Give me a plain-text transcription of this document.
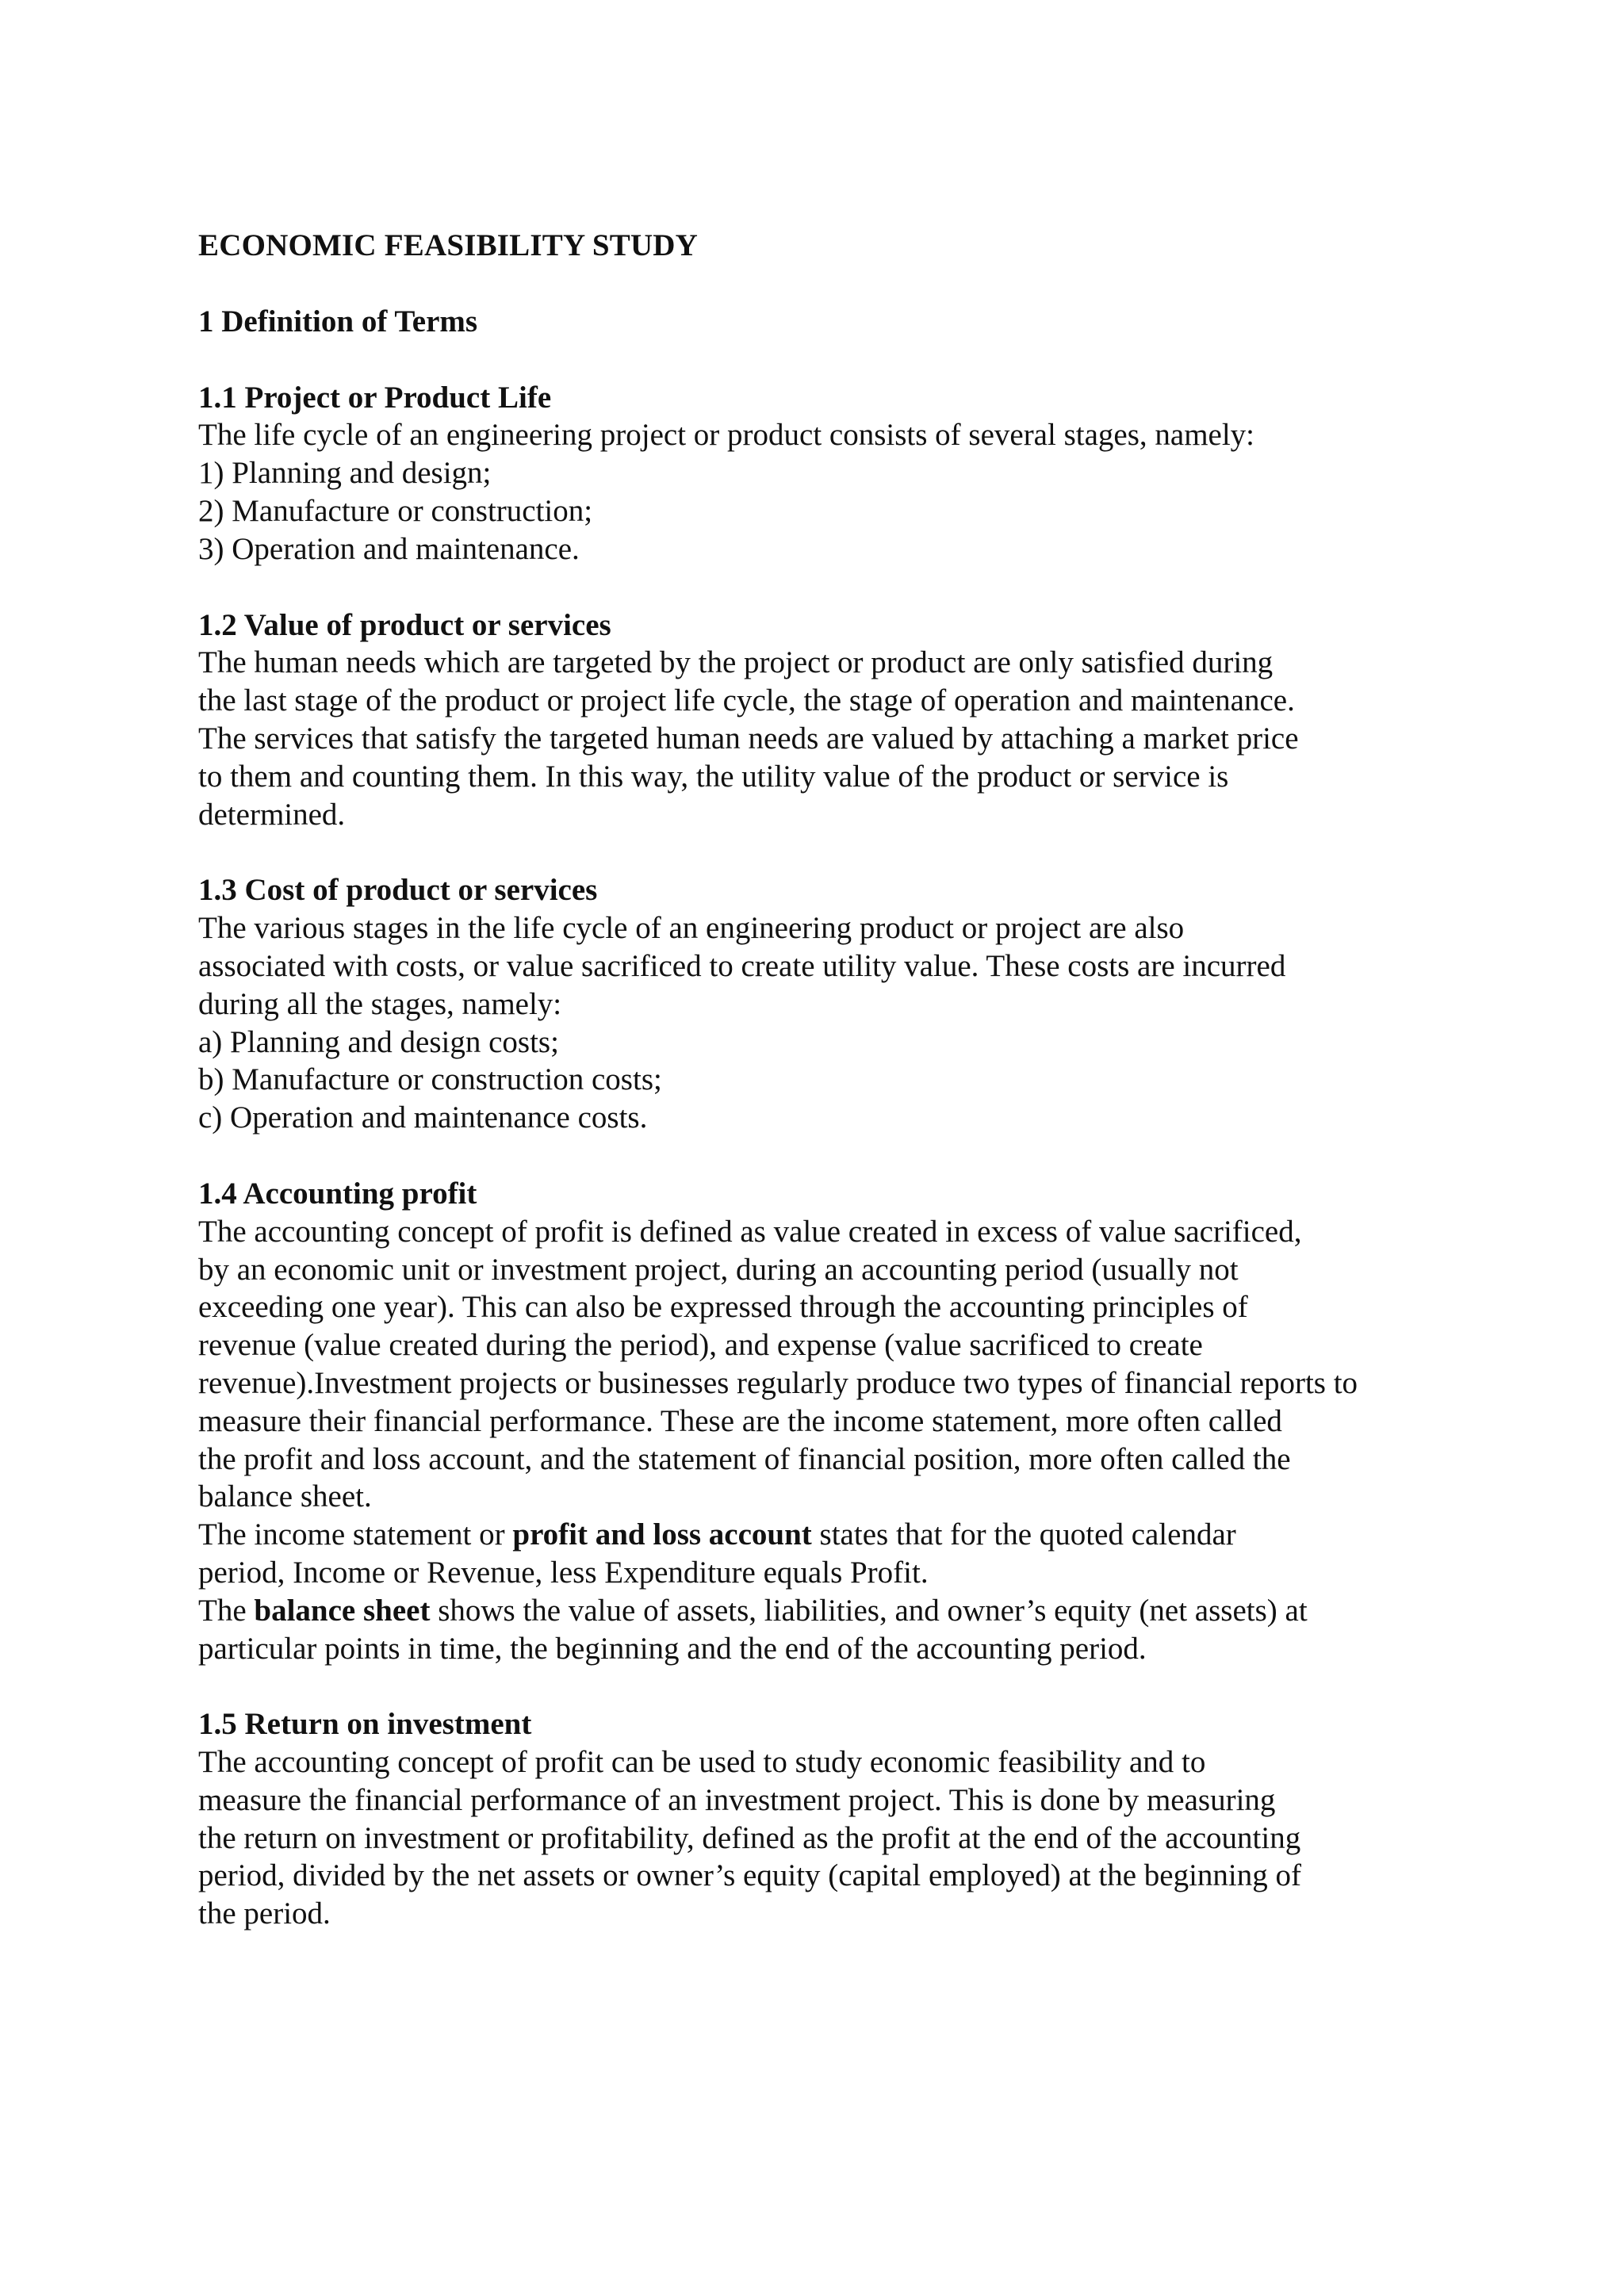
ECONOMIC FEASIBILITY STUDY
1 Definition of Terms
1.1 Project or Product Life
The life cycle of an engineering project or product consists of several stages, namely:
1) Planning and design;
2) Manufacture or construction;
3) Operation and maintenance.
1.2 Value of product or services
The human needs which are targeted by the project or product are only satisfied during
the last stage of the product or project life cycle, the stage of operation and maintenance.
The services that satisfy the targeted human needs are valued by attaching a market price
to them and counting them. In this way, the utility value of the product or service is
determined.
1.3 Cost of product or services
The various stages in the life cycle of an engineering product or project are also
associated with costs, or value sacrificed to create utility value. These costs are incurred
during all the stages, namely:
a) Planning and design costs;
b) Manufacture or construction costs;
c) Operation and maintenance costs.
1.4 Accounting profit
The accounting concept of profit is defined as value created in excess of value sacrificed,
by an economic unit or investment project, during an accounting period (usually not
exceeding one year). This can also be expressed through the accounting principles of
revenue (value created during the period), and expense (value sacrificed to create
revenue).Investment projects or businesses regularly produce two types of financial reports to
measure their financial performance. These are the income statement, more often called
the profit and loss account, and the statement of financial position, more often called the
balance sheet.
The income statement or profit and loss account states that for the quoted calendar
period, Income or Revenue, less Expenditure equals Profit.
The balance sheet shows the value of assets, liabilities, and owner’s equity (net assets) at
particular points in time, the beginning and the end of the accounting period.
1.5 Return on investment
The accounting concept of profit can be used to study economic feasibility and to
measure the financial performance of an investment project. This is done by measuring
the return on investment or profitability, defined as the profit at the end of the accounting
period, divided by the net assets or owner’s equity (capital employed) at the beginning of
the period.
